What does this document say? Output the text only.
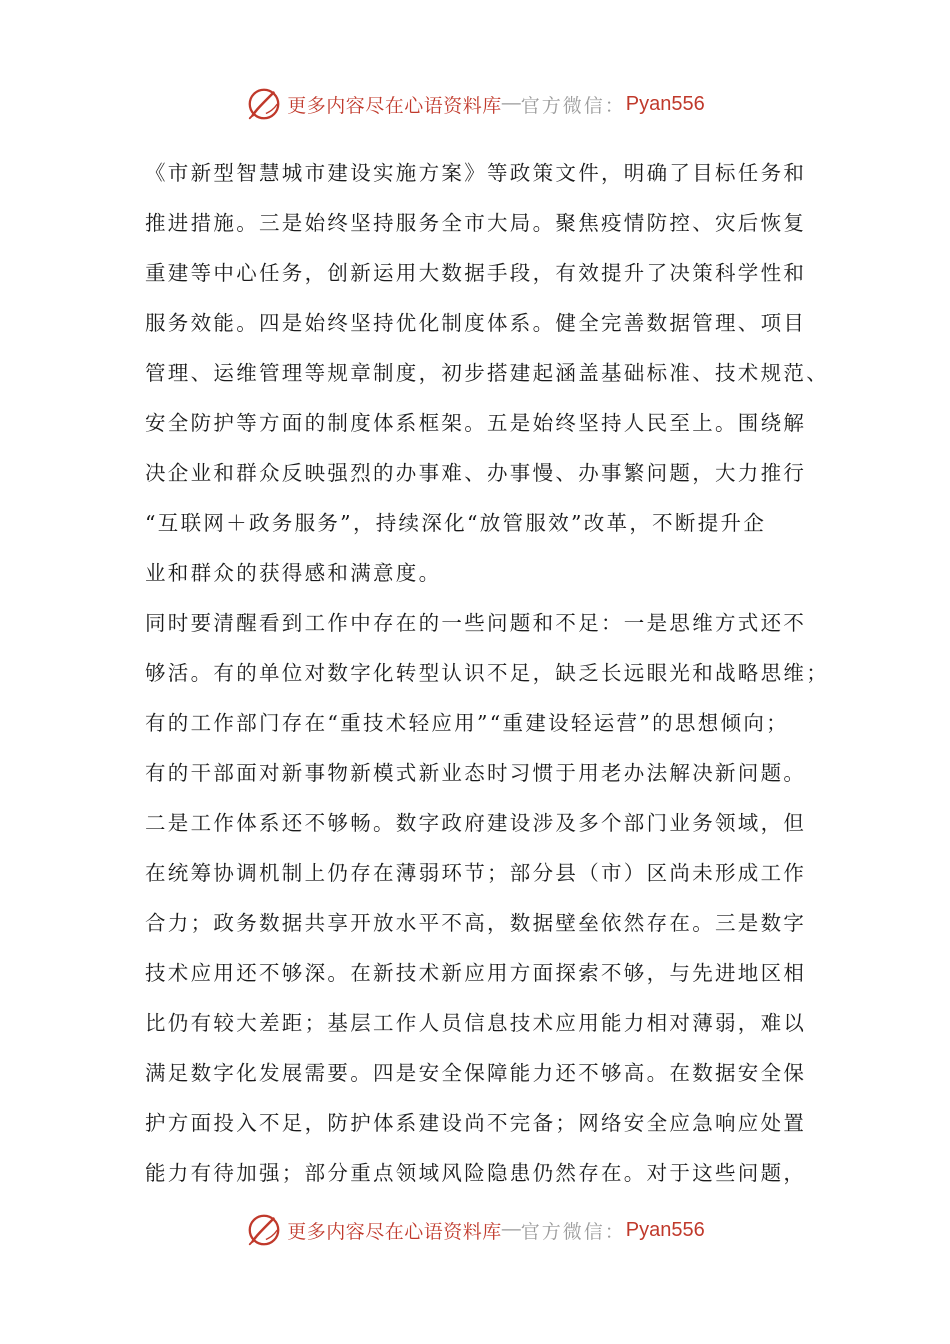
更多内容尽在心语资料库 — 官方微信： Pyan556
《市新型智慧城市建设实施方案》等政策文件，明确了目标任务和
推进措施。三是始终坚持服务全市大局。聚焦疫情防控、灾后恢复
重建等中心任务，创新运用大数据手段，有效提升了决策科学性和
服务效能。四是始终坚持优化制度体系。健全完善数据管理、项目
管理、运维管理等规章制度，初步搭建起涵盖基础标准、技术规范、
安全防护等方面的制度体系框架。五是始终坚持人民至上。围绕解
决企业和群众反映强烈的办事难、办事慢、办事繁问题，大力推行
“互联网＋政务服务”，持续深化“放管服效”改革，不断提升企
业和群众的获得感和满意度。
同时要清醒看到工作中存在的一些问题和不足：一是思维方式还不
够活。有的单位对数字化转型认识不足，缺乏长远眼光和战略思维；
有的工作部门存在“重技术轻应用”“重建设轻运营”的思想倾向；
有的干部面对新事物新模式新业态时习惯于用老办法解决新问题。
二是工作体系还不够畅。数字政府建设涉及多个部门业务领域，但
在统筹协调机制上仍存在薄弱环节；部分县（市）区尚未形成工作
合力；政务数据共享开放水平不高，数据壁垒依然存在。三是数字
技术应用还不够深。在新技术新应用方面探索不够，与先进地区相
比仍有较大差距；基层工作人员信息技术应用能力相对薄弱，难以
满足数字化发展需要。四是安全保障能力还不够高。在数据安全保
护方面投入不足，防护体系建设尚不完备；网络安全应急响应处置
能力有待加强；部分重点领域风险隐患仍然存在。对于这些问题，
更多内容尽在心语资料库 — 官方微信： Pyan556
